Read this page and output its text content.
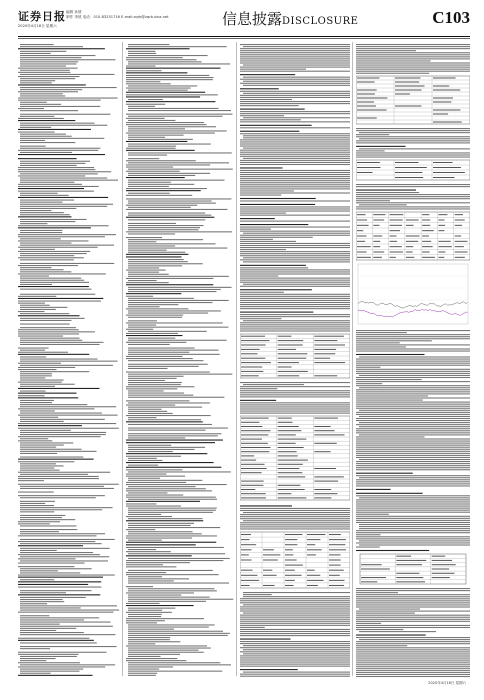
证券日报
2020年4月18日 星期六
编辑 孙倩
制作 李波 电话：010-83251716 E-mail:zqrb@zqrb.sina.net	信息披露DISCLOSURE	C103
2020年4月18日 星期六
